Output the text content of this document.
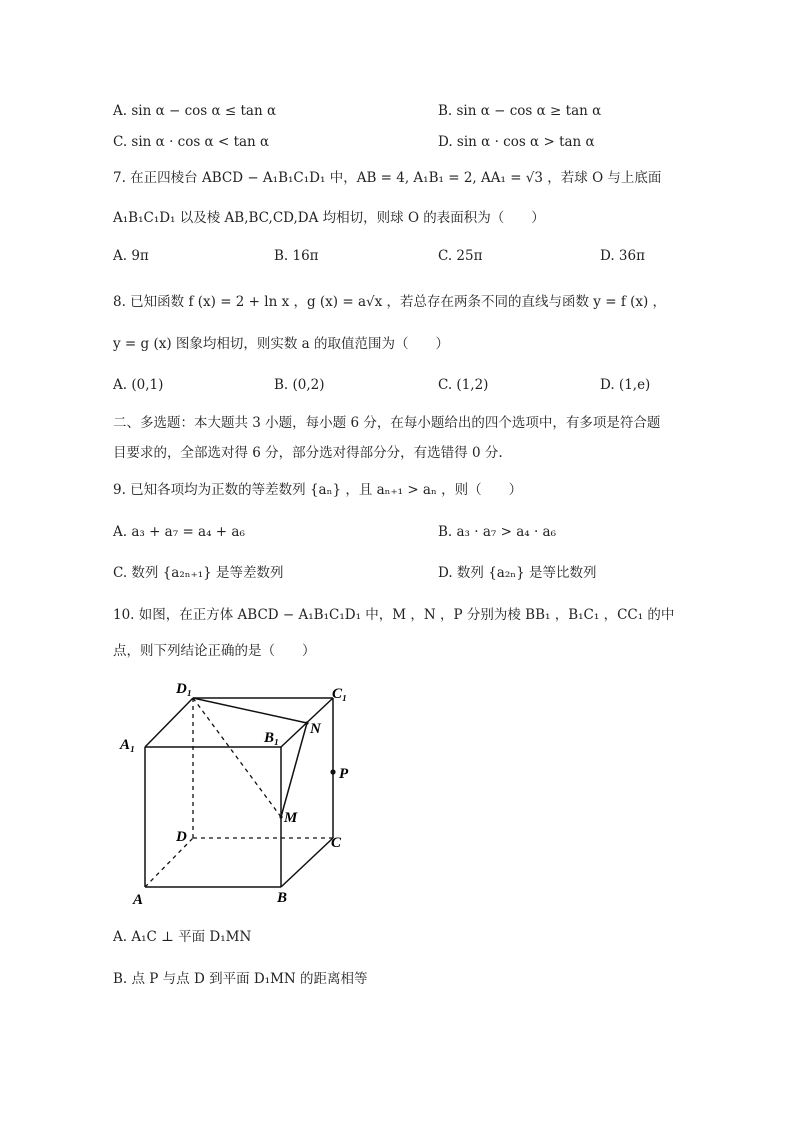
A. sin α − cos α ≤ tan α	B. sin α − cos α ≥ tan α
C. sin α · cos α < tan α	D. sin α · cos α > tan α
7. 在正四棱台 ABCD − A₁B₁C₁D₁ 中，AB = 4, A₁B₁ = 2, AA₁ = √3 ，若球 O 与上底面
A₁B₁C₁D₁ 以及棱 AB,BC,CD,DA 均相切，则球 O 的表面积为（　　）
A. 9π	B. 16π	C. 25π	D. 36π
8. 已知函数 f (x) = 2 + ln x ，g (x) = a√x ，若总存在两条不同的直线与函数 y = f (x) ，
y = g (x) 图象均相切，则实数 a 的取值范围为（　　）
A. (0,1)	B. (0,2)	C. (1,2)	D. (1,e)
二、多选题：本大题共 3 小题，每小题 6 分，在每小题给出的四个选项中，有多项是符合题
目要求的，全部选对得 6 分，部分选对得部分分，有选错得 0 分.
9. 已知各项均为正数的等差数列 {aₙ} ，且 aₙ₊₁ > aₙ ，则（　　）
A. a₃ + a₇ = a₄ + a₆	B. a₃ · a₇ > a₄ · a₆
C. 数列 {a₂ₙ₊₁} 是等差数列	D. 数列 {a₂ₙ} 是等比数列
10. 如图，在正方体 ABCD − A₁B₁C₁D₁ 中，M ，N ，P 分别为棱 BB₁ ，B₁C₁ ，CC₁ 的中
点，则下列结论正确的是（　　）
D₁	C₁
A₁	B₁
N
P
M
D	C
A	B
A. A₁C ⊥ 平面 D₁MN
B. 点 P 与点 D 到平面 D₁MN 的距离相等
